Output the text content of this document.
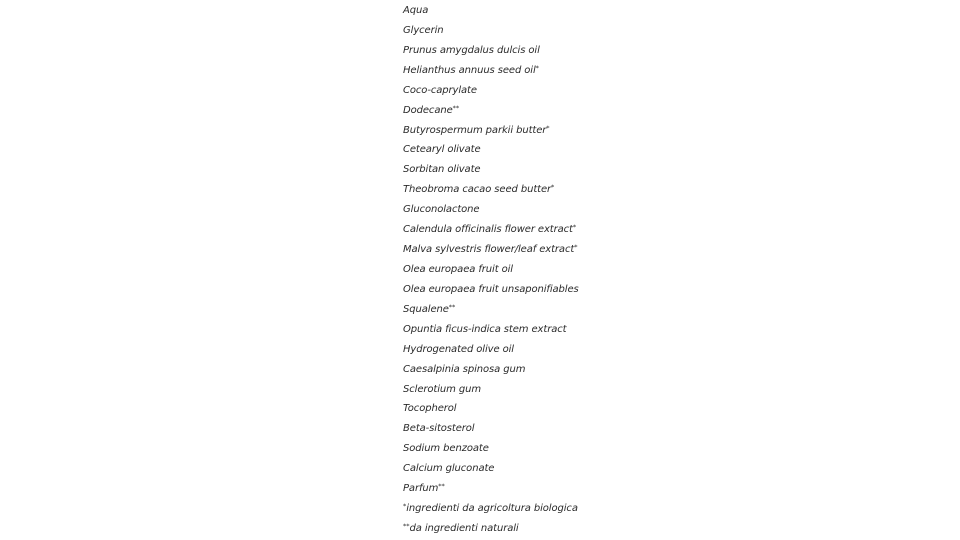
Aqua
Glycerin
Prunus amygdalus dulcis oil
Helianthus annuus seed oil*
Coco-caprylate
Dodecane**
Butyrospermum parkii butter*
Cetearyl olivate
Sorbitan olivate
Theobroma cacao seed butter*
Gluconolactone
Calendula officinalis flower extract*
Malva sylvestris flower/leaf extract*
Olea europaea fruit oil
Olea europaea fruit unsaponifiables
Squalene**
Opuntia ficus-indica stem extract
Hydrogenated olive oil
Caesalpinia spinosa gum
Sclerotium gum
Tocopherol
Beta-sitosterol
Sodium benzoate
Calcium gluconate
Parfum**
*ingredienti da agricoltura biologica
**da ingredienti naturali
